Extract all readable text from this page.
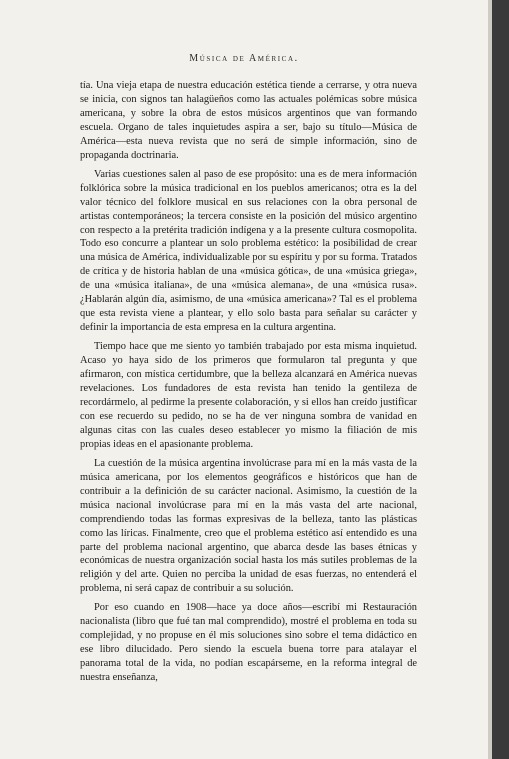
Música de América.

tía. Una vieja etapa de nuestra educación estética tiende a cerrarse, y otra nueva se inicia, con signos tan halagüeños como las actuales polémicas sobre música americana, y sobre la obra de estos músicos argentinos que van formando escuela. Organo de tales inquietudes aspira a ser, bajo su título—Música de América—esta nueva revista que no será de simple información, sino de propaganda doctrinaria.

Varias cuestiones salen al paso de ese propósito: una es de mera información folklórica sobre la música tradicional en los pueblos americanos; otra es la del valor técnico del folklore musical en sus relaciones con la obra personal de artistas contemporáneos; la tercera consiste en la posición del músico argentino con respecto a la pretérita tradición indígena y a la presente cultura cosmopolita. Todo eso concurre a plantear un solo problema estético: la posibilidad de crear una música de América, individualizable por su espíritu y por su forma. Tratados de crítica y de historia hablan de una «música gótica», de una «música griega», de una «música italiana», de una «música alemana», de una «música rusa». ¿Hablarán algún día, asimismo, de una «música americana»? Tal es el problema que esta revista viene a plantear, y ello solo basta para señalar su carácter y definir la importancia de esta empresa en la cultura argentina.

Tiempo hace que me siento yo también trabajado por esta misma inquietud. Acaso yo haya sido de los primeros que formularon tal pregunta y que afirmaron, con mística certidumbre, que la belleza alcanzará en América nuevas revelaciones. Los fundadores de esta revista han tenido la gentileza de recordármelo, al pedirme la presente colaboración, y si ellos han creído justificar con ese recuerdo su pedido, no se ha de ver ninguna sombra de vanidad en algunas citas con las cuales deseo establecer yo mismo la filiación de mis propias ideas en el apasionante problema.

La cuestión de la música argentina involúcrase para mí en la más vasta de la música americana, por los elementos geográficos e históricos que han de contribuir a la definición de su carácter nacional. Asimismo, la cuestión de la música nacional involúcrase para mí en la más vasta del arte nacional, comprendiendo todas las formas expresivas de la belleza, tanto las plásticas como las líricas. Finalmente, creo que el problema estético así entendido es una parte del problema nacional argentino, que abarca desde las bases étnicas y económicas de nuestra organización social hasta los más sutiles problemas de la religión y del arte. Quien no perciba la unidad de esas fuerzas, no entenderá el problema, ni será capaz de contribuir a su solución.

Por eso cuando en 1908—hace ya doce años—escribí mi Restauración nacionalista (libro que fué tan mal comprendido), mostré el problema en toda su complejidad, y no propuse en él mis soluciones sino sobre el tema didáctico en ese libro dilucidado. Pero siendo la escuela buena torre para atalayar el panorama total de la vida, no podían escapárseme, en la reforma integral de nuestra enseñanza,
